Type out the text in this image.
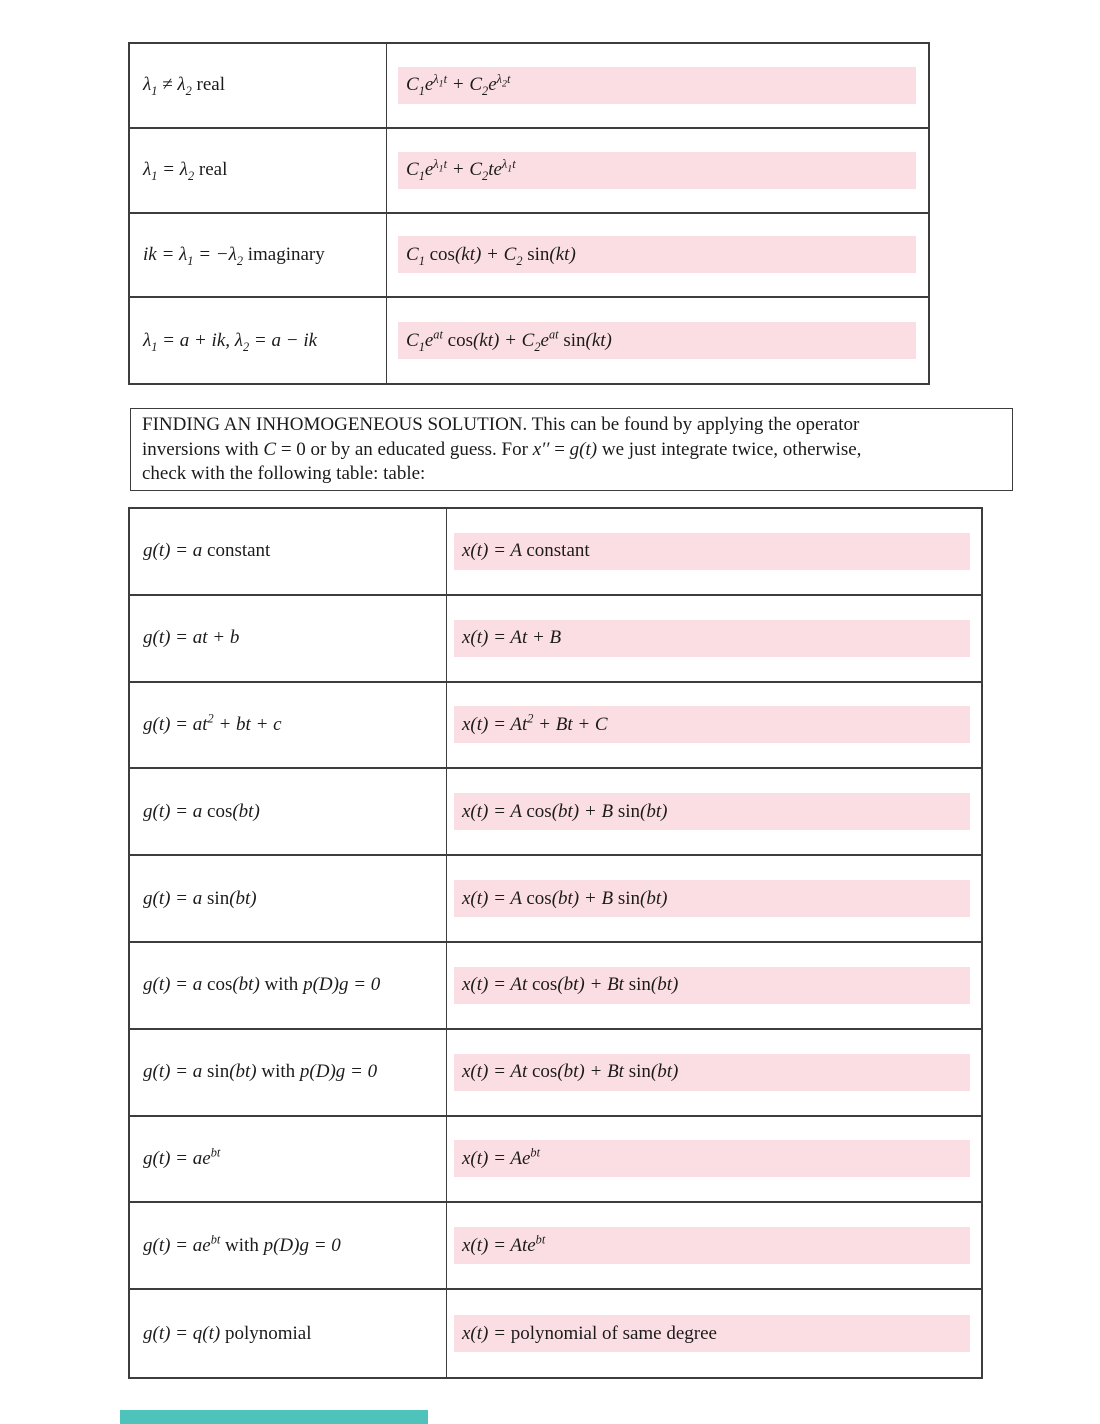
$\lambda_1 \ne \lambda_2$ real	$C_1e^{\lambda_1t} + C_2e^{\lambda_2t}$
$\lambda_1 = \lambda_2$ real	$C_1e^{\lambda_1t} + C_2te^{\lambda_1t}$
ik = $\lambda_1 = -\lambda_2$ imaginary	$C_1$ $\cos(kt) + C_2$ sin(kt)
$\lambda_1 = a$ + ik, $\lambda_2 = a$ − ik	$C_1e^{at}$ $\cos(kt) + C_2e^{at}$ sin(kt)
FINDING AN INHOMOGENEOUS SOLUTION. This can be found by applying the operator
inversions with C = 0 or by an educated guess. For x′′ = g(t) we just integrate twice, otherwise,
check with the following table: table:
g(t) = a constant	x(t) = A constant
g(t) = at + b	x(t) = At + B
$g(t) = at^2$ + bt + c	$x(t) = At^2 + Bt + C$
g(t) = a cos(bt)	x(t) = A cos(bt) + B sin(bt)
g(t) = a sin(bt)	x(t) = A cos(bt) + B sin(bt)
g(t) = a cos(bt) with p(D)g = 0	x(t) = At cos(bt) + Bt sin(bt)
g(t) = a sin(bt) with p(D)g = 0	x(t) = At cos(bt) + Bt sin(bt)
$g(t) = ae^{bt}$	$x(t) = Ae^{bt}$
$g(t) = ae^{bt}$ with p(D)g = 0	x(t) = Ate$^{bt}$
g(t) = q(t) polynomial	x(t) = polynomial of same degree
